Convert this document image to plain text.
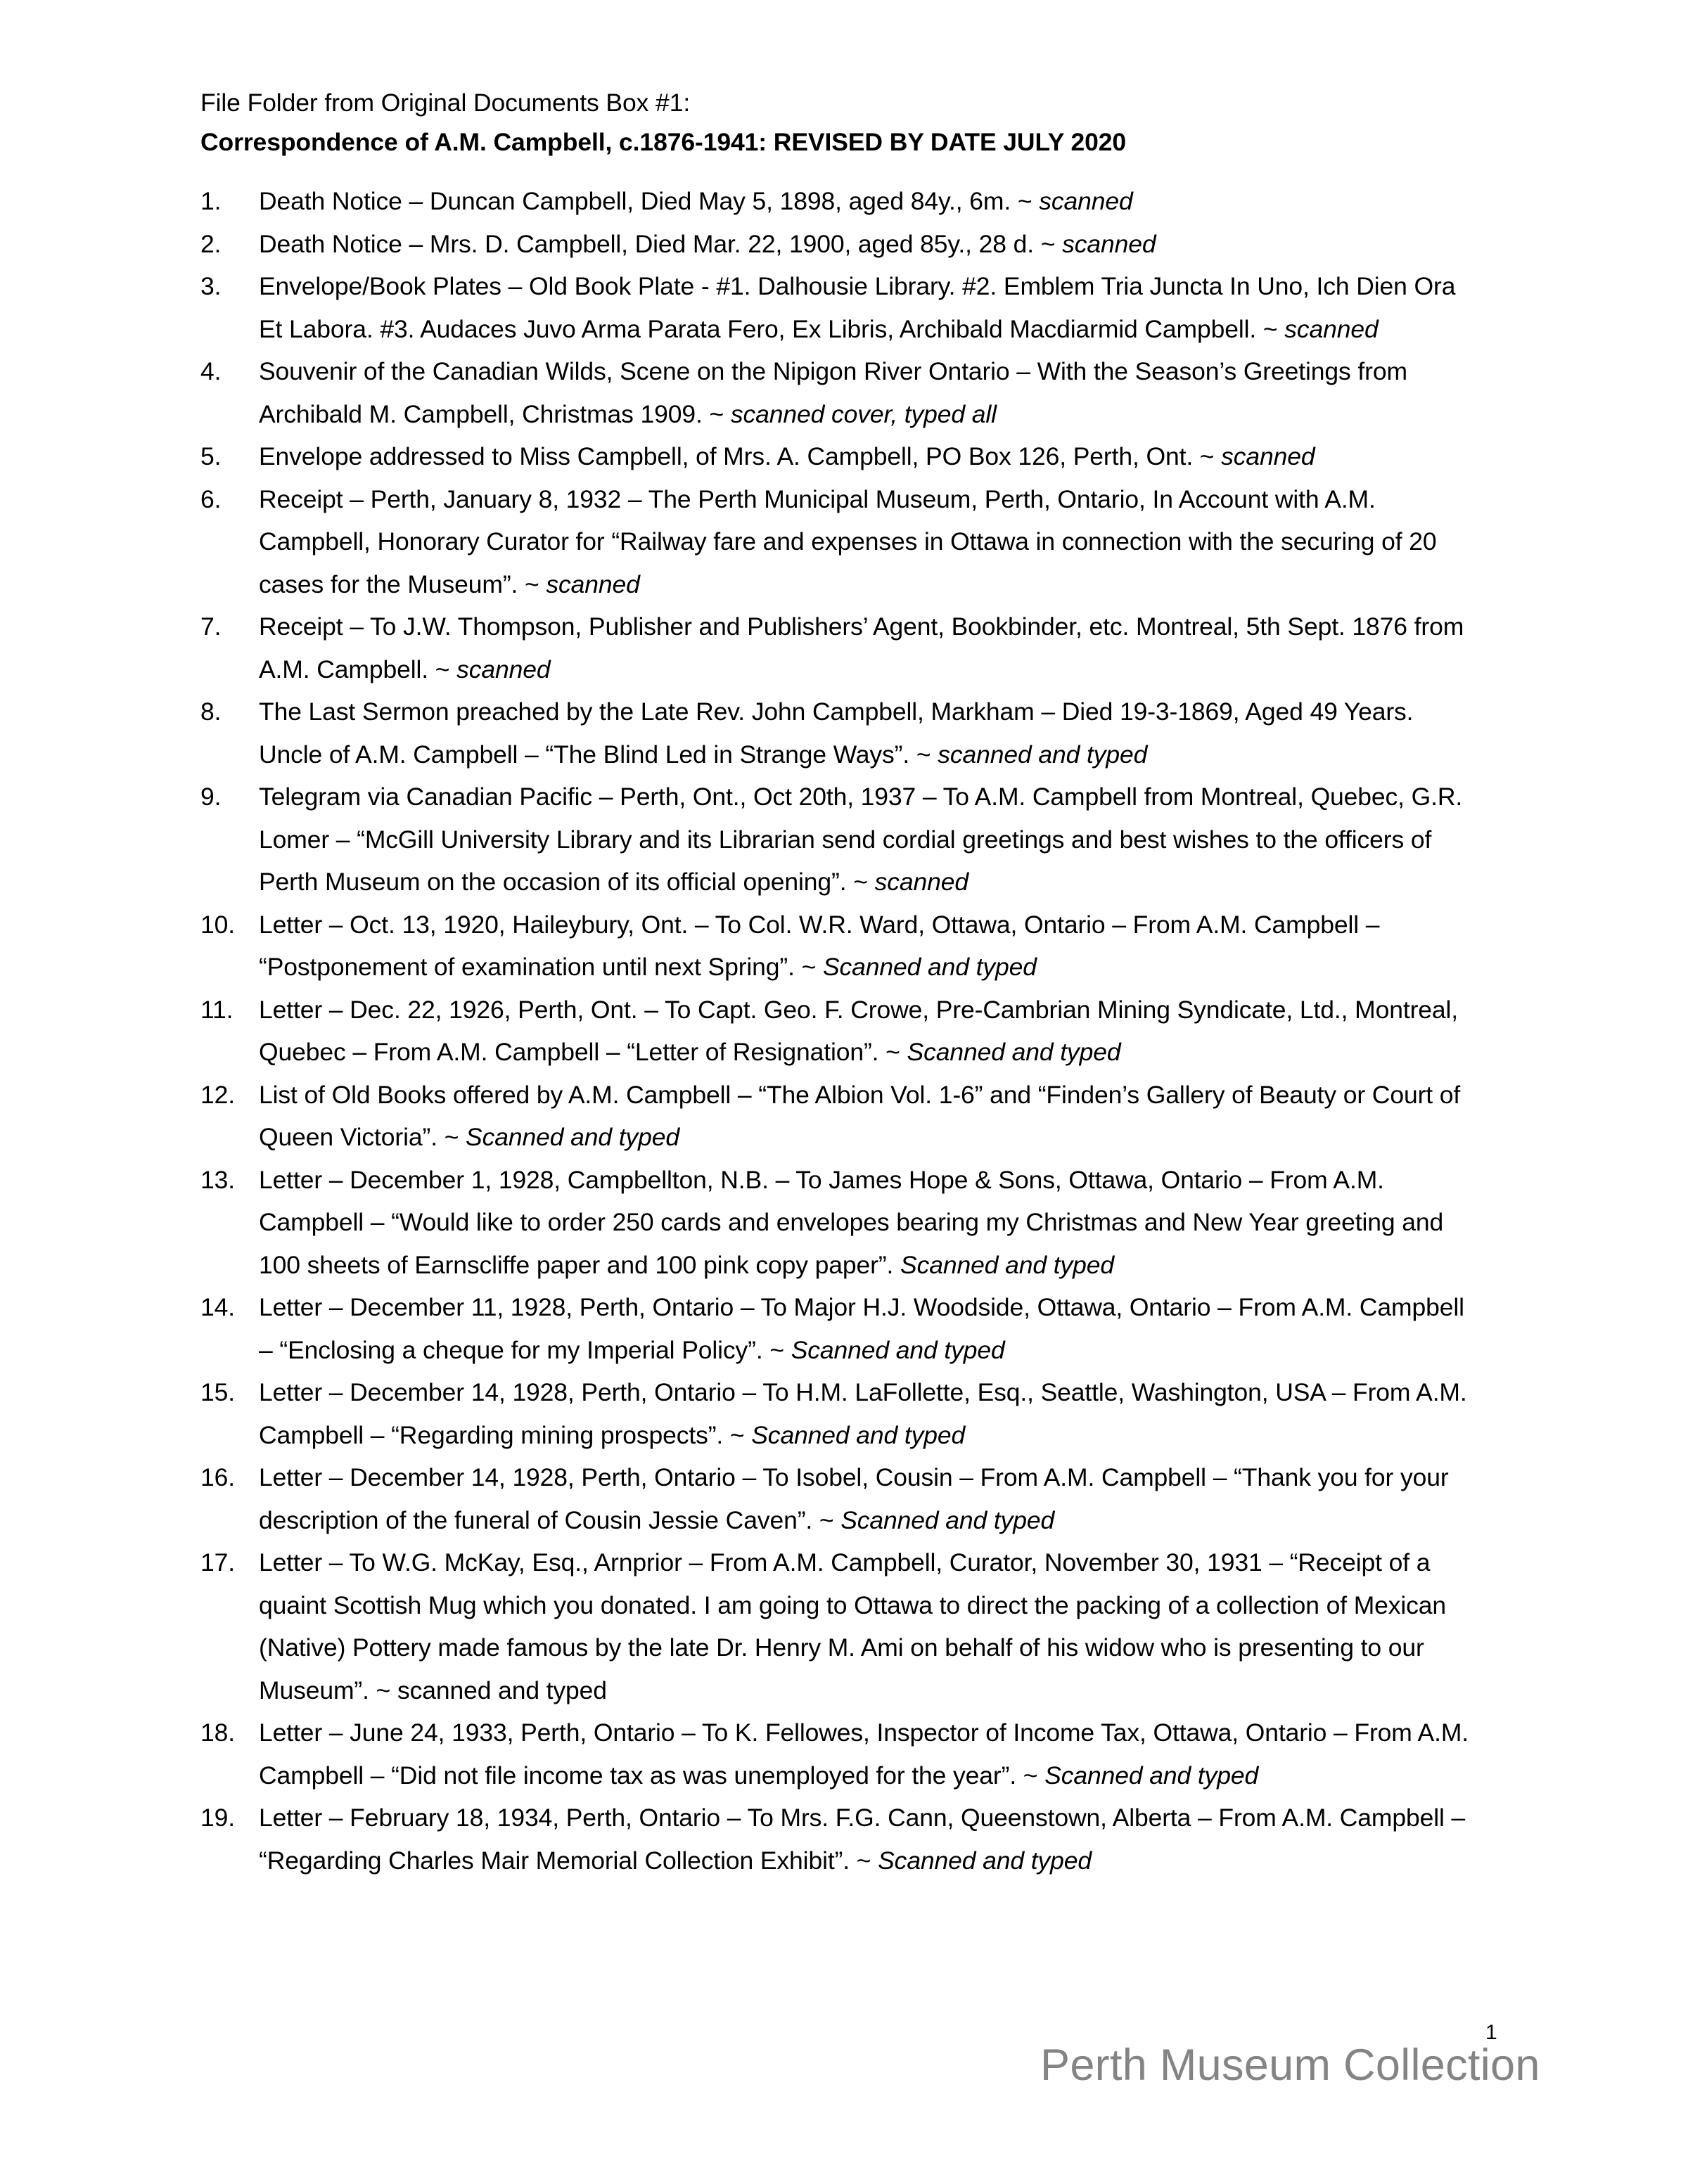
File Folder from Original Documents Box #1:
Correspondence of A.M. Campbell, c.1876-1941: REVISED BY DATE JULY 2020
1.	Death Notice – Duncan Campbell, Died May 5, 1898, aged 84y., 6m. ~ scanned
2.	Death Notice – Mrs. D. Campbell, Died Mar. 22, 1900, aged 85y., 28 d. ~ scanned
3.	Envelope/Book Plates – Old Book Plate - #1. Dalhousie Library. #2. Emblem Tria Juncta In Uno, Ich Dien Ora Et Labora. #3. Audaces Juvo Arma Parata Fero, Ex Libris, Archibald Macdiarmid Campbell. ~ scanned
4.	Souvenir of the Canadian Wilds, Scene on the Nipigon River Ontario – With the Season’s Greetings from Archibald M. Campbell, Christmas 1909. ~ scanned cover, typed all
5.	Envelope addressed to Miss Campbell, of Mrs. A. Campbell, PO Box 126, Perth, Ont. ~ scanned
6.	Receipt – Perth, January 8, 1932 – The Perth Municipal Museum, Perth, Ontario, In Account with A.M. Campbell, Honorary Curator for “Railway fare and expenses in Ottawa in connection with the securing of 20 cases for the Museum”. ~ scanned
7.	Receipt – To J.W. Thompson, Publisher and Publishers’ Agent, Bookbinder, etc. Montreal, 5th Sept. 1876 from A.M. Campbell. ~ scanned
8.	The Last Sermon preached by the Late Rev. John Campbell, Markham – Died 19-3-1869, Aged 49 Years. Uncle of A.M. Campbell – “The Blind Led in Strange Ways”. ~ scanned and typed
9.	Telegram via Canadian Pacific – Perth, Ont., Oct 20th, 1937 – To A.M. Campbell from Montreal, Quebec, G.R. Lomer – “McGill University Library and its Librarian send cordial greetings and best wishes to the officers of Perth Museum on the occasion of its official opening”. ~ scanned
10. Letter – Oct. 13, 1920, Haileybury, Ont. – To Col. W.R. Ward, Ottawa, Ontario – From A.M. Campbell – “Postponement of examination until next Spring”. ~ Scanned and typed
11.	Letter – Dec. 22, 1926, Perth, Ont. – To Capt. Geo. F. Crowe, Pre-Cambrian Mining Syndicate, Ltd., Montreal, Quebec – From A.M. Campbell – “Letter of Resignation”. ~ Scanned and typed
12. List of Old Books offered by A.M. Campbell – “The Albion Vol. 1-6” and “Finden’s Gallery of Beauty or Court of Queen Victoria”. ~ Scanned and typed
13. Letter – December 1, 1928, Campbellton, N.B. – To James Hope & Sons, Ottawa, Ontario – From A.M. Campbell – “Would like to order 250 cards and envelopes bearing my Christmas and New Year greeting and 100 sheets of Earnscliffe paper and 100 pink copy paper”. Scanned and typed
14. Letter – December 11, 1928, Perth, Ontario – To Major H.J. Woodside, Ottawa, Ontario – From A.M. Campbell – “Enclosing a cheque for my Imperial Policy”. ~ Scanned and typed
15. Letter – December 14, 1928, Perth, Ontario – To H.M. LaFollette, Esq., Seattle, Washington, USA – From A.M. Campbell – “Regarding mining prospects”. ~ Scanned and typed
16. Letter – December 14, 1928, Perth, Ontario – To Isobel, Cousin – From A.M. Campbell – “Thank you for your description of the funeral of Cousin Jessie Caven”. ~ Scanned and typed
17. Letter – To W.G. McKay, Esq., Arnprior – From A.M. Campbell, Curator, November 30, 1931 – “Receipt of a quaint Scottish Mug which you donated. I am going to Ottawa to direct the packing of a collection of Mexican (Native) Pottery made famous by the late Dr. Henry M. Ami on behalf of his widow who is presenting to our Museum”. ~ scanned and typed
18. Letter – June 24, 1933, Perth, Ontario – To K. Fellowes, Inspector of Income Tax, Ottawa, Ontario – From A.M. Campbell – “Did not file income tax as was unemployed for the year”. ~ Scanned and typed
19. Letter – February 18, 1934, Perth, Ontario – To Mrs. F.G. Cann, Queenstown, Alberta – From A.M. Campbell – “Regarding Charles Mair Memorial Collection Exhibit”. ~ Scanned and typed
1
Perth Museum Collection
